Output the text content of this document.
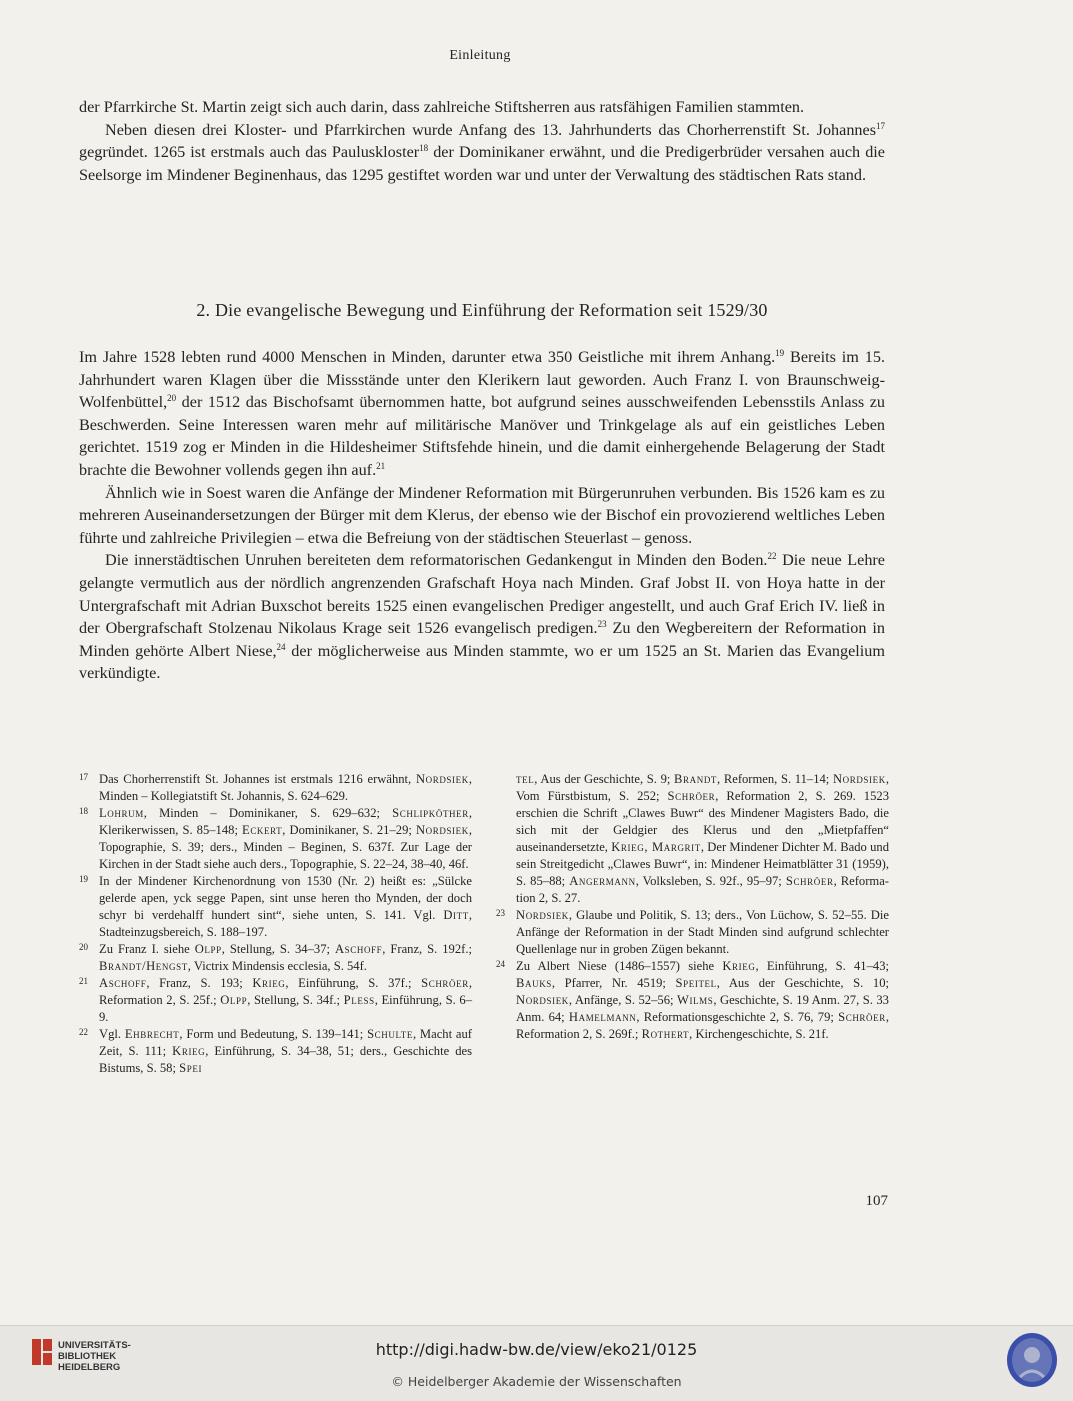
Einleitung

der Pfarrkirche St. Martin zeigt sich auch darin, dass zahlreiche Stiftsherren aus ratsfähigen Familien stammten.

Neben diesen drei Kloster- und Pfarrkirchen wurde Anfang des 13. Jahrhunderts das Chorherrenstift St. Johannes$^{17}$ gegründet. 1265 ist erstmals auch das Pauluskloster$^{18}$ der Dominikaner erwähnt, und die Predigerbrüder versahen auch die Seelsorge im Mindener Beginenhaus, das 1295 gestiftet worden war und unter der Verwaltung des städtischen Rats stand.

2. Die evangelische Bewegung und Einführung der Reformation seit 1529/30

Im Jahre 1528 lebten rund 4000 Menschen in Minden, darunter etwa 350 Geistliche mit ihrem Anhang.$^{19}$ Bereits im 15. Jahrhundert waren Klagen über die Missstände unter den Klerikern laut geworden. Auch Franz I. von Braunschweig-Wolfenbüttel,$^{20}$ der 1512 das Bischofsamt übernommen hatte, bot aufgrund seines ausschweifenden Lebensstils Anlass zu Beschwerden. Seine Interessen waren mehr auf militärische Manöver und Trinkgelage als auf ein geistliches Leben gerichtet. 1519 zog er Minden in die Hildesheimer Stiftsfehde hinein, und die damit einhergehende Belagerung der Stadt brachte die Bewohner vollends gegen ihn auf.$^{21}$

Ähnlich wie in Soest waren die Anfänge der Mindener Reformation mit Bürgerunruhen verbunden. Bis 1526 kam es zu mehreren Auseinandersetzungen der Bürger mit dem Klerus, der ebenso wie der Bischof ein provozierend weltliches Leben führte und zahlreiche Privilegien – etwa die Befreiung von der städtischen Steuerlast – genoss.

Die innerstädtischen Unruhen bereiteten dem reformatorischen Gedankengut in Minden den Boden.$^{22}$ Die neue Lehre gelangte vermutlich aus der nördlich angrenzenden Grafschaft Hoya nach Minden. Graf Jobst II. von Hoya hatte in der Untergrafschaft mit Adrian Buxschot bereits 1525 einen evangelischen Prediger angestellt, und auch Graf Erich IV. ließ in der Obergrafschaft Stolzenau Nikolaus Krage seit 1526 evangelisch predigen.$^{23}$ Zu den Wegbereitern der Reformation in Minden gehörte Albert Niese,$^{24}$ der möglicherweise aus Minden stammte, wo er um 1525 an St. Marien das Evangelium verkündigte.

17 Das Chorherrenstift St. Johannes ist erstmals 1216 erwähnt, Nordsiek, Minden – Kollegiatstift St. Johannis, S. 624–629.
18 Lohrum, Minden – Dominikaner, S. 629–632; Schlipköther, Klerikerwissen, S. 85–148; Eckert, Dominikaner, S. 21–29; Nordsiek, Topographie, S. 39; ders., Minden – Beginen, S. 637f. Zur Lage der Kirchen in der Stadt siehe auch ders., Topographie, S. 22–24, 38–40, 46f.
19 In der Mindener Kirchenordnung von 1530 (Nr. 2) heißt es: „Sülcke gelerde apen, yck segge Papen, sint unse heren tho Mynden, der doch schyr bi verdehalff hundert sint“, siehe unten, S. 141. Vgl. Ditt, Stadteinzugsbereich, S. 188–197.
20 Zu Franz I. siehe Olpp, Stellung, S. 34–37; Aschoff, Franz, S. 192f.; Brandt/Hengst, Victrix Mindensis ecclesia, S. 54f.
21 Aschoff, Franz, S. 193; Krieg, Einführung, S. 37f.; Schröer, Reformation 2, S. 25f.; Olpp, Stellung, S. 34f.; Pless, Einführung, S. 6–9.
22 Vgl. Ehbrecht, Form und Bedeutung, S. 139–141; Schulte, Macht auf Zeit, S. 111; Krieg, Einführung, S. 34–38, 51; ders., Geschichte des Bistums, S. 58; Spei
tel, Aus der Geschichte, S. 9; Brandt, Reformen, S. 11–14; Nordsiek, Vom Fürstbistum, S. 252; Schröer, Reformation 2, S. 269. 1523 erschien die Schrift „Clawes Buwr“ des Mindener Magisters Bado, die sich mit der Geldgier des Klerus und den „Mietpfaffen“ auseinandersetzte, Krieg, Margrit, Der Mindener Dichter M. Bado und sein Streitgedicht „Clawes Buwr“, in: Mindener Heimatblätter 31 (1959), S. 85–88; Angermann, Volksleben, S. 92f., 95–97; Schröer, Reformation 2, S. 27.
23 Nordsiek, Glaube und Politik, S. 13; ders., Von Lüchow, S. 52–55. Die Anfänge der Reformation in der Stadt Minden sind aufgrund schlechter Quellenlage nur in groben Zügen bekannt.
24 Zu Albert Niese (1486–1557) siehe Krieg, Einführung, S. 41–43; Bauks, Pfarrer, Nr. 4519; Speitel, Aus der Geschichte, S. 10; Nordsiek, Anfänge, S. 52–56; Wilms, Geschichte, S. 19 Anm. 27, S. 33 Anm. 64; Hamelmann, Reformationsgeschichte 2, S. 76, 79; Schröer, Reformation 2, S. 269f.; Rothert, Kirchengeschichte, S. 21f.
107
UNIVERSITÄTS-
BIBLIOTHEK
HEIDELBERG
http://digi.hadw-bw.de/view/eko21/0125
© Heidelberger Akademie der Wissenschaften
